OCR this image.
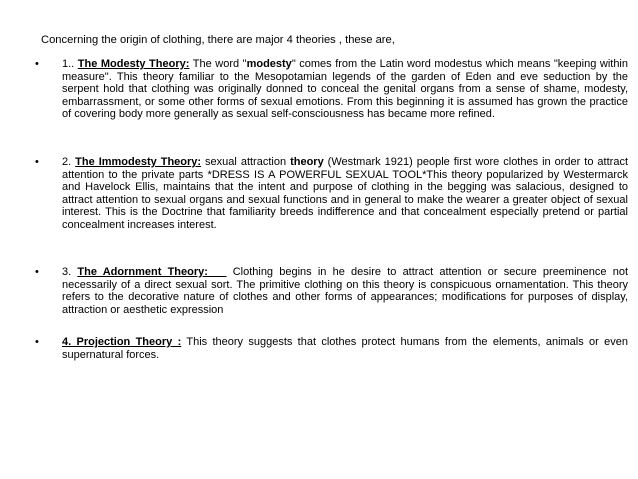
Concerning the origin of clothing, there are major 4 theories , these are,
• 1.. The Modesty Theory: The word "modesty" comes from the Latin word modestus which means "keeping within measure". This theory familiar to the Mesopotamian legends of the garden of Eden and eve seduction by the serpent hold that clothing was originally donned to conceal the genital organs from a sense of shame, modesty, embarrassment, or some other forms of sexual emotions. From this beginning it is assumed has grown the practice of covering body more generally as sexual self-consciousness has became more refined.
• 2. The Immodesty Theory: sexual attraction theory (Westmark 1921) people first wore clothes in order to attract attention to the private parts *DRESS IS A POWERFUL SEXUAL TOOL*This theory popularized by Westermarck and Havelock Ellis, maintains that the intent and purpose of clothing in the begging was salacious, designed to attract attention to sexual organs and sexual functions and in general to make the wearer a greater object of sexual interest. This is the Doctrine that familiarity breeds indifference and that concealment especially pretend or partial concealment increases interest.
• 3. The Adornment Theory:    Clothing begins in he desire to attract attention or secure preeminence not necessarily of a direct sexual sort. The primitive clothing on this theory is conspicuous ornamentation. This theory refers to the decorative nature of clothes and other forms of appearances; modifications for purposes of display, attraction or aesthetic expression
• 4. Projection Theory : This theory suggests that clothes protect humans from the elements, animals or even supernatural forces.
